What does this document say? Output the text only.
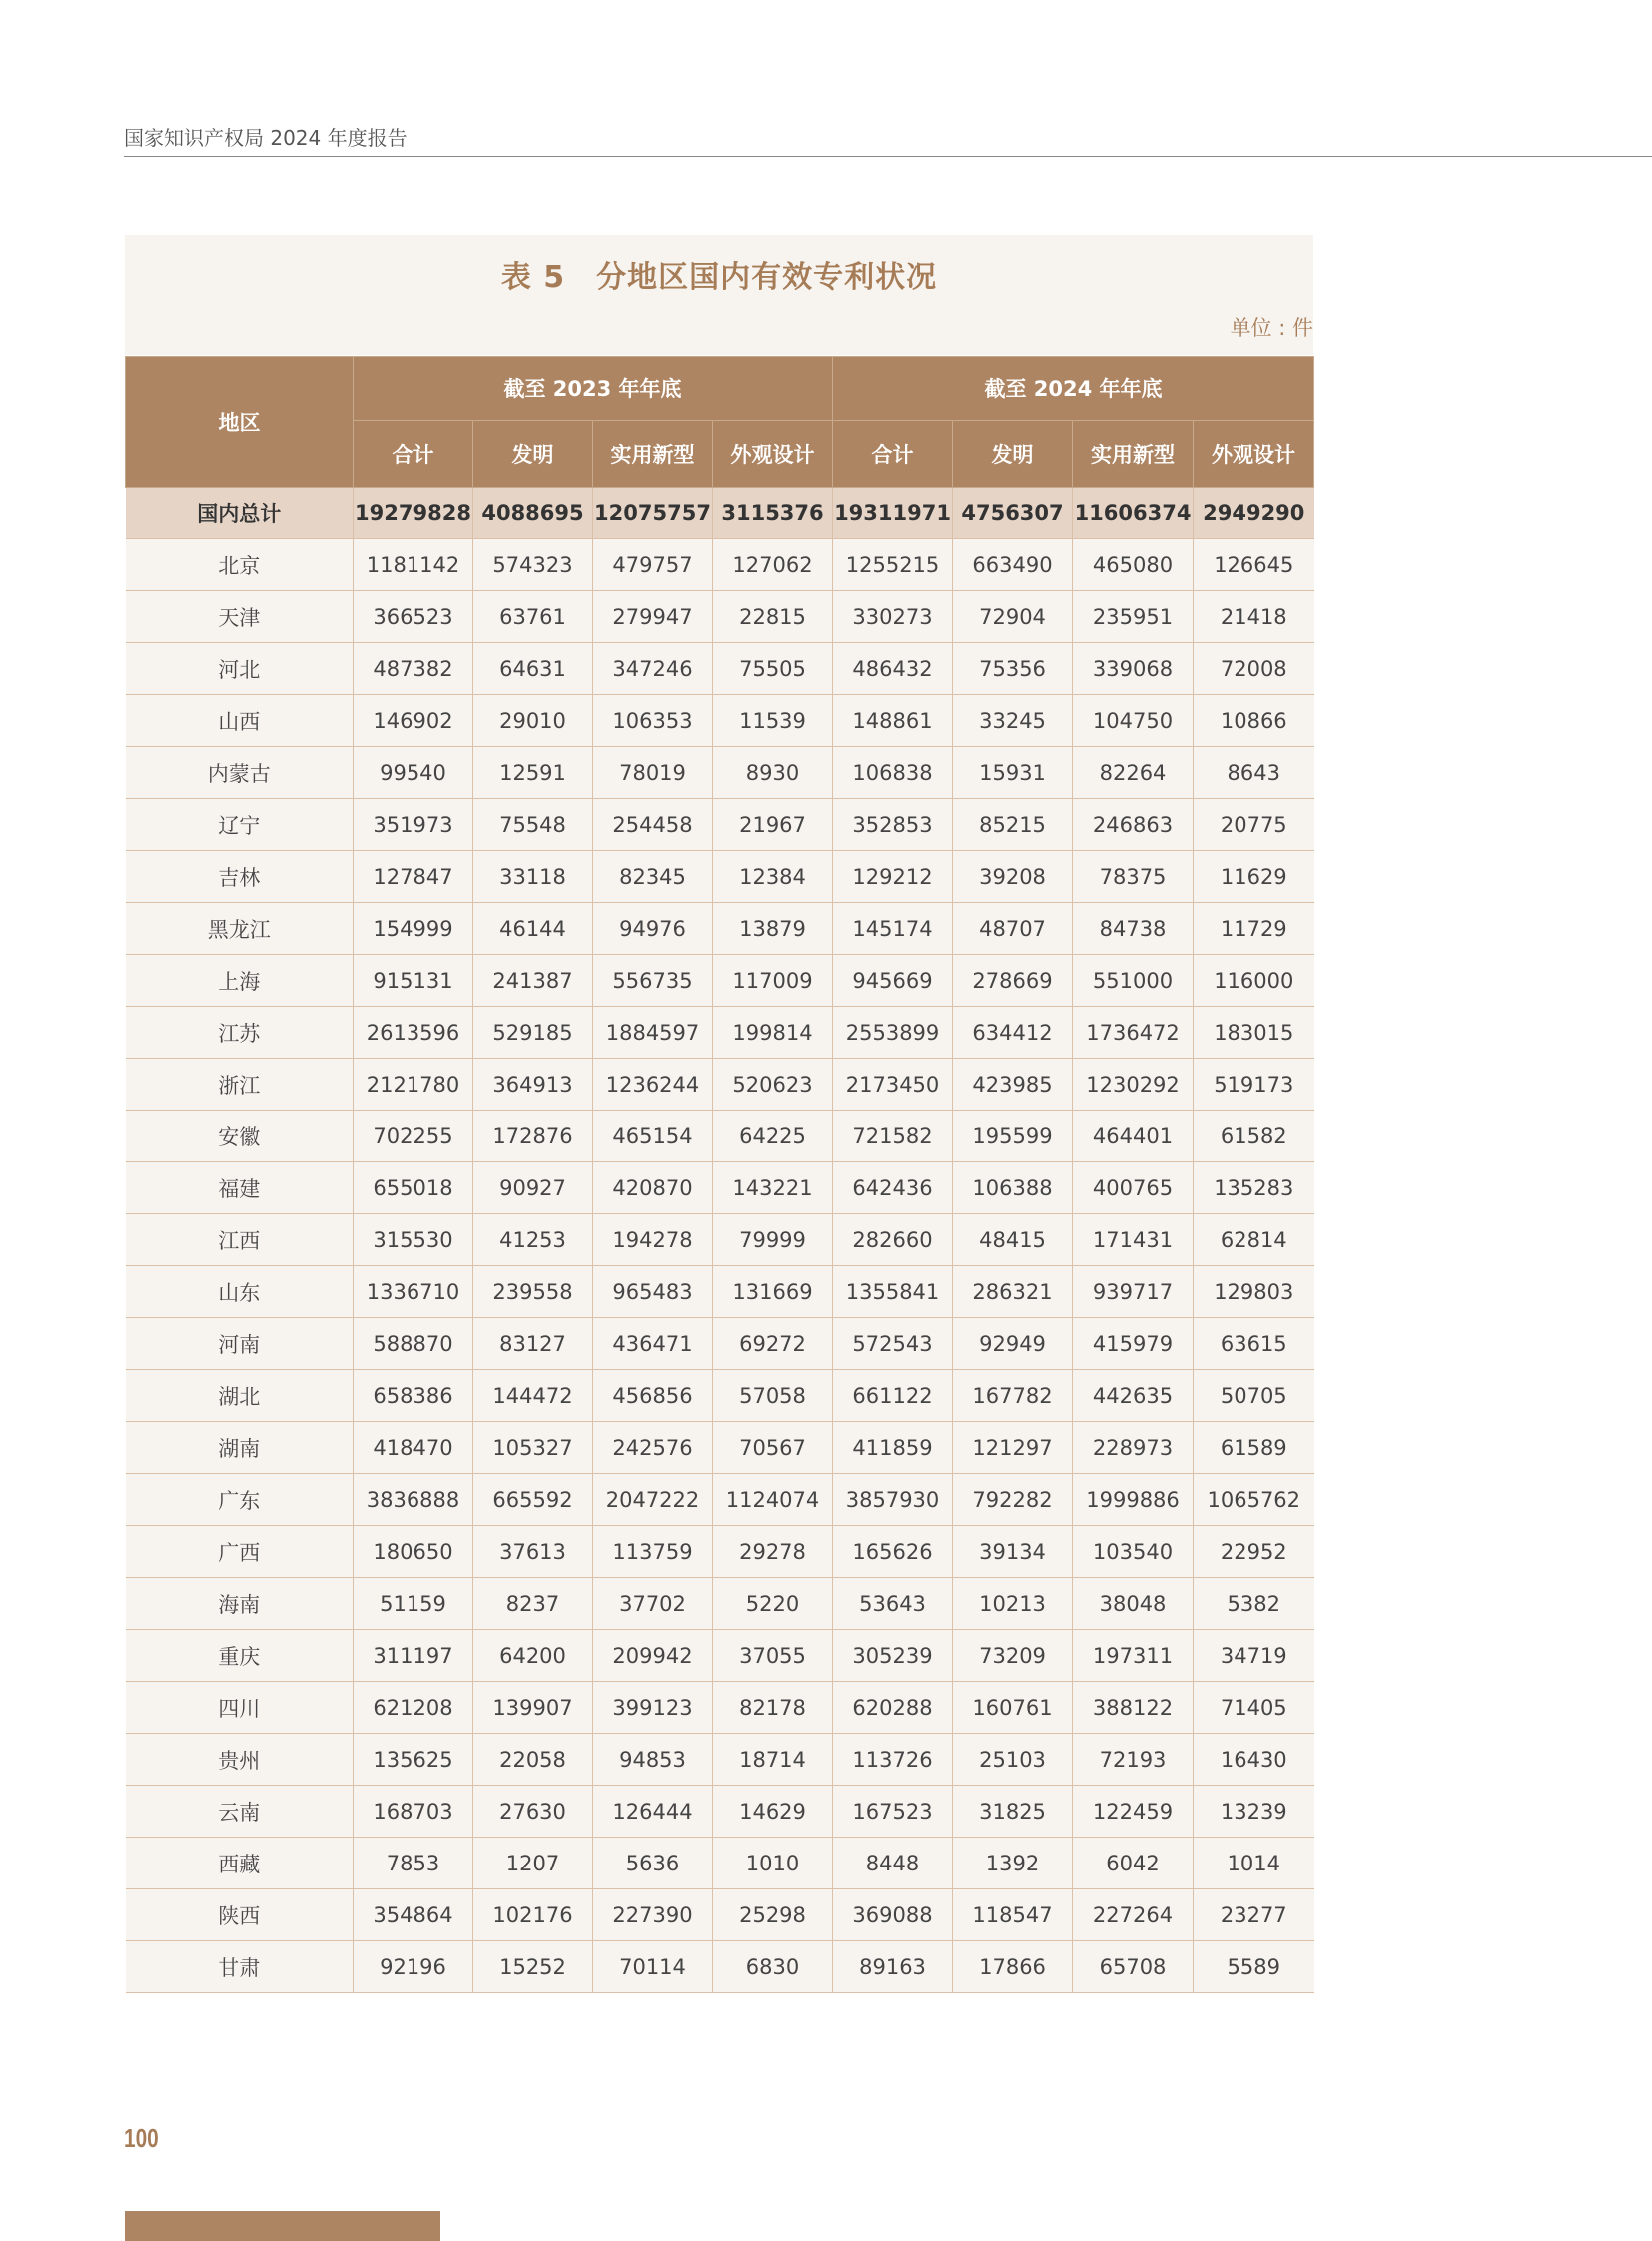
国家知识产权局 2024 年度报告
表 5　分地区国内有效专利状况
单位 : 件
地区	截至 2023 年年底				截至 2024 年年底			
	合计	发明	实用新型	外观设计	合计	发明	实用新型	外观设计
国内总计	19279828	4088695	12075757	3115376	19311971	4756307	11606374	2949290
北京	1181142	574323	479757	127062	1255215	663490	465080	126645
天津	366523	63761	279947	22815	330273	72904	235951	21418
河北	487382	64631	347246	75505	486432	75356	339068	72008
山西	146902	29010	106353	11539	148861	33245	104750	10866
内蒙古	99540	12591	78019	8930	106838	15931	82264	8643
辽宁	351973	75548	254458	21967	352853	85215	246863	20775
吉林	127847	33118	82345	12384	129212	39208	78375	11629
黑龙江	154999	46144	94976	13879	145174	48707	84738	11729
上海	915131	241387	556735	117009	945669	278669	551000	116000
江苏	2613596	529185	1884597	199814	2553899	634412	1736472	183015
浙江	2121780	364913	1236244	520623	2173450	423985	1230292	519173
安徽	702255	172876	465154	64225	721582	195599	464401	61582
福建	655018	90927	420870	143221	642436	106388	400765	135283
江西	315530	41253	194278	79999	282660	48415	171431	62814
山东	1336710	239558	965483	131669	1355841	286321	939717	129803
河南	588870	83127	436471	69272	572543	92949	415979	63615
湖北	658386	144472	456856	57058	661122	167782	442635	50705
湖南	418470	105327	242576	70567	411859	121297	228973	61589
广东	3836888	665592	2047222	1124074	3857930	792282	1999886	1065762
广西	180650	37613	113759	29278	165626	39134	103540	22952
海南	51159	8237	37702	5220	53643	10213	38048	5382
重庆	311197	64200	209942	37055	305239	73209	197311	34719
四川	621208	139907	399123	82178	620288	160761	388122	71405
贵州	135625	22058	94853	18714	113726	25103	72193	16430
云南	168703	27630	126444	14629	167523	31825	122459	13239
西藏	7853	1207	5636	1010	8448	1392	6042	1014
陕西	354864	102176	227390	25298	369088	118547	227264	23277
甘肃	92196	15252	70114	6830	89163	17866	65708	5589
100
